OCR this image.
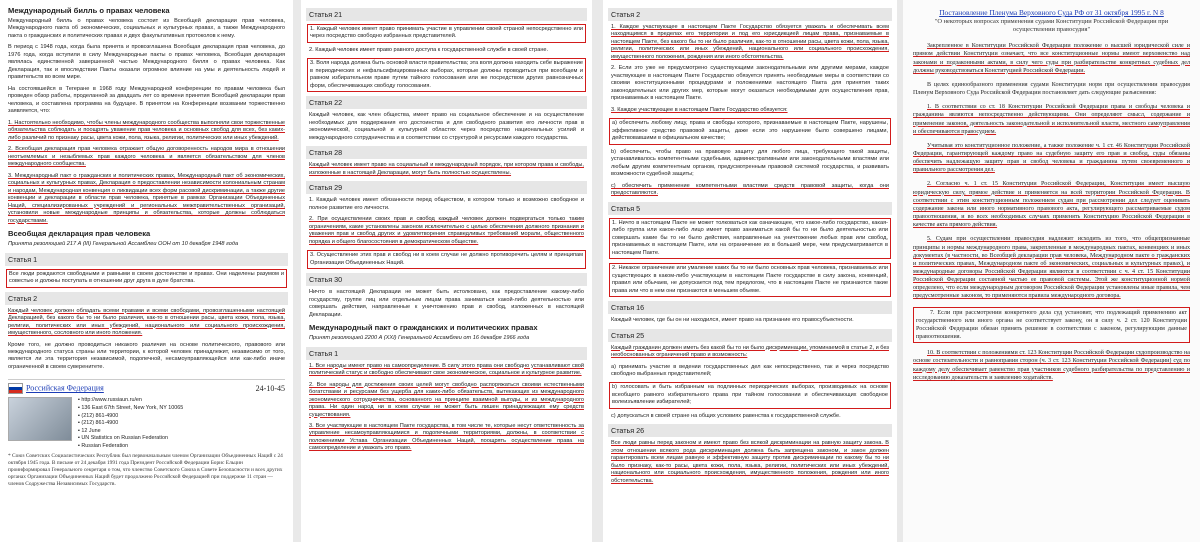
Международный билль о правах человека

Международный билль о правах человека состоит из Всеобщей декларации прав человека, Международного пакта об экономических, социальных и культурных правах, а также Международного пакта о гражданских и политических правах и двух факультативных протоколов к нему.

В период с 1948 года, когда была принята и провозглашена Всеобщая декларация прав человека, до 1976 года, когда вступили в силу Международные пакты о правах человека, Всеобщая декларация являлась единственной завершенной частью Международного билля о правах человека. Как Декларация, так и впоследствии Пакты оказали огромное влияние на умы и деятельность людей и правительств во всем мире.

На состоявшейся в Тегеране в 1968 году Международной конференции по правам человека был проведен обзор работы, проделанной за двадцать лет со времени принятия Всеобщей декларации прав человека, и составлена программа на будущее. В принятом на Конференции воззвании торжественно заявляется, что:

1. Настоятельно необходимо, чтобы члены международного сообщества выполняли свои торжественные обязательства соблюдать и поощрять уважение прав человека и основных свобод для всех, без каких-либо различий по признаку расы, цвета кожи, пола, языка, религии, политических или иных убеждений.

2. Всеобщая декларация прав человека отражает общую договоренность народов мира в отношении неотъемлемых и незыблемых прав каждого человека и является обязательством для членов международного сообщества.

3. Международный пакт о гражданских и политических правах, Международный пакт об экономических, социальных и культурных правах, Декларация о предоставлении независимости колониальным странам и народам, Международная конвенция о ликвидации всех форм расовой дискриминации, а также другие конвенции и декларации в области прав человека, принятые в рамках Организации Объединенных Наций, специализированных учреждений и региональных межправительственных организаций, установили новые международные принципы и обязательства, которые должны соблюдаться государствами.

Всеобщая декларация прав человека

Принята резолюцией 217 A (III) Генеральной Ассамблеи ООН от 10 декабря 1948 года

Статья 1

Все люди рождаются свободными и равными в своем достоинстве и правах. Они наделены разумом и совестью и должны поступать в отношении друг друга в духе братства.

Статья 2

Каждый человек должен обладать всеми правами и всеми свободами, провозглашенными настоящей Декларацией, без какого бы то ни было различия, как-то в отношении расы, цвета кожи, пола, языка, религии, политических или иных убеждений, национального или социального происхождения, имущественного, сословного или иного положения.

Кроме того, не должно проводиться никакого различия на основе политического, правового или международного статуса страны или территории, к которой человек принадлежит, независимо от того, является ли эта территория независимой, подопечной, несамоуправляющейся или как-либо иначе ограниченной в своем суверенитете.

Российская Федерация	24-10-45
▪ http://www.russiaun.ru/en
▪ 136 East 67th Street, New York, NY 10065
▪ (212) 861-4900
▪ (212) 861-4900
▪ 12 June
▪ UN Statistics on Russian Federation
▪ Russian Federation
* Союз Советских Социалистических Республик был первоначальным членом Организации Объединенных Наций с 24 октября 1945 года. В письме от 24 декабря 1991 года Президент Российской Федерации Борис Ельцин проинформировал Генерального секретаря о том, что членство Советского Союза в Совете Безопасности и всех других органах Организации Объединенных Наций будет продолжено Российской Федерацией при поддержке 11 стран — членов Содружества Независимых Государств.
Статья 21

1. Каждый человек имеет право принимать участие в управлении своей страной непосредственно или через посредство свободно избранных представителей.

2. Каждый человек имеет право равного доступа к государственной службе в своей стране.

3. Воля народа должна быть основой власти правительства; эта воля должна находить себе выражение в периодических и нефальсифицированных выборах, которые должны проводиться при всеобщем и равном избирательном праве путем тайного голосования или же посредством других равнозначных форм, обеспечивающих свободу голосования.

Статья 22

Каждый человек, как член общества, имеет право на социальное обеспечение и на осуществление необходимых для поддержания его достоинства и для свободного развития его личности прав в экономической, социальной и культурной областях через посредство национальных усилий и международного сотрудничества и в соответствии со структурой и ресурсами каждого государства.

Статья 28

Каждый человек имеет право на социальный и международный порядок, при котором права и свободы, изложенные в настоящей Декларации, могут быть полностью осуществлены.

Статья 29

1. Каждый человек имеет обязанности перед обществом, в котором только и возможно свободное и полное развитие его личности.

2. При осуществлении своих прав и свобод каждый человек должен подвергаться только таким ограничениям, какие установлены законом исключительно с целью обеспечения должного признания и уважения прав и свобод других и удовлетворения справедливых требований морали, общественного порядка и общего благосостояния в демократическом обществе.

3. Осуществление этих прав и свобод ни в коем случае не должно противоречить целям и принципам Организации Объединенных Наций.

Статья 30

Ничто в настоящей Декларации не может быть истолковано, как предоставление какому-либо государству, группе лиц или отдельным лицам права заниматься какой-либо деятельностью или совершать действия, направленные к уничтожению прав и свобод, изложенных в настоящей Декларации.

Международный пакт о гражданских и политических правах

Принят резолюцией 2200 A (XXI) Генеральной Ассамблеи от 16 декабря 1966 года

Статья 1

1. Все народы имеют право на самоопределение. В силу этого права они свободно устанавливают свой политический статус и свободно обеспечивают свое экономическое, социальное и культурное развитие.

2. Все народы для достижения своих целей могут свободно распоряжаться своими естественными богатствами и ресурсами без ущерба для каких-либо обязательств, вытекающих из международного экономического сотрудничества, основанного на принципе взаимной выгоды, и из международного права. Ни один народ ни в коем случае не может быть лишен принадлежащих ему средств существования.

3. Все участвующие в настоящем Пакте государства, в том числе те, которые несут ответственность за управление несамоуправляющимися и подопечными территориями, должны, в соответствии с положениями Устава Организации Объединенных Наций, поощрять осуществление права на самоопределение и уважать это право.

Статья 2

1. Каждое участвующее в настоящем Пакте Государство обязуется уважать и обеспечивать всем находящимся в пределах его территории и под его юрисдикцией лицам права, признаваемые в настоящем Пакте, без какого бы то ни было различия, как-то в отношении расы, цвета кожи, пола, языка, религии, политических или иных убеждений, национального или социального происхождения, имущественного положения, рождения или иного обстоятельства.

2. Если это уже не предусмотрено существующими законодательными или другими мерами, каждое участвующее в настоящем Пакте Государство обязуется принять необходимые меры в соответствии со своими конституционными процедурами и положениями настоящего Пакта для принятия таких законодательных или других мер, которые могут оказаться необходимыми для осуществления прав, признаваемых в настоящем Пакте.

3. Каждое участвующее в настоящем Пакте Государство обязуется:

a) обеспечить любому лицу, права и свободы которого, признаваемые в настоящем Пакте, нарушены, эффективное средство правовой защиты, даже если это нарушение было совершено лицами, действовавшими в официальном качестве;

b) обеспечить, чтобы право на правовую защиту для любого лица, требующего такой защиты, устанавливалось компетентными судебными, административными или законодательными властями или любым другим компетентным органом, предусмотренным правовой системой государства, и развивать возможности судебной защиты;

c) обеспечить применение компетентными властями средств правовой защиты, когда они предоставляются.

Статья 5

1. Ничто в настоящем Пакте не может толковаться как означающее, что какое-либо государство, какая-либо группа или какое-либо лицо имеет право заниматься какой бы то ни было деятельностью или совершать какие бы то ни было действия, направленные на уничтожение любых прав или свобод, признаваемых в настоящем Пакте, или на ограничение их в большей мере, чем предусматривается в настоящем Пакте.

2. Никакое ограничение или умаление каких бы то ни было основных прав человека, признаваемых или существующих в каком-либо участвующем в настоящем Пакте государстве в силу закона, конвенций, правил или обычаев, не допускается под тем предлогом, что в настоящем Пакте не признаются такие права или что в нем они признаются в меньшем объеме.

Статья 16

Каждый человек, где бы он ни находился, имеет право на признание его правосубъектности.

Статья 25

Каждый гражданин должен иметь без какой бы то ни было дискриминации, упоминаемой в статье 2, и без необоснованных ограничений право и возможность:

a) принимать участие в ведении государственных дел как непосредственно, так и через посредство свободно выбранных представителей;

b) голосовать и быть избранным на подлинных периодических выборах, производимых на основе всеобщего равного избирательного права при тайном голосовании и обеспечивающих свободное волеизъявление избирателей;

c) допускаться в своей стране на общих условиях равенства к государственной службе.

Статья 26

Все люди равны перед законом и имеют право без всякой дискриминации на равную защиту закона. В этом отношении всякого рода дискриминация должна быть запрещена законом, и закон должен гарантировать всем лицам равную и эффективную защиту против дискриминации по какому бы то ни было признаку, как-то расы, цвета кожи, пола, языка, религии, политических или иных убеждений, национального или социального происхождения, имущественного положения, рождения или иного обстоятельства.

Постановление Пленума Верховного Суда РФ от 31 октября 1995 г. N 8
"О некоторых вопросах применения судами Конституции Российской Федерации при осуществлении правосудия"

Закрепленное в Конституции Российской Федерации положение о высшей юридической силе и прямом действии Конституции означает, что все конституционные нормы имеют верховенство над законами и подзаконными актами, в силу чего суды при разбирательстве конкретных судебных дел должны руководствоваться Конституцией Российской Федерации.

В целях единообразного применения судами Конституции норм при осуществлении правосудия Пленум Верховного Суда Российской Федерации постановляет дать следующие разъяснения:

1. В соответствии со ст. 18 Конституции Российской Федерации права и свободы человека и гражданина являются непосредственно действующими. Они определяют смысл, содержание и применение законов, деятельность законодательной и исполнительной власти, местного самоуправления и обеспечиваются правосудием.

Учитывая это конституционное положение, а также положение ч. 1 ст. 46 Конституции Российской Федерации, гарантирующей каждому право на судебную защиту его прав и свобод, суды обязаны обеспечить надлежащую защиту прав и свобод человека и гражданина путем своевременного и правильного рассмотрения дел.

2. Согласно ч. 1 ст. 15 Конституции Российской Федерации, Конституция имеет высшую юридическую силу, прямое действие и применяется на всей территории Российской Федерации. В соответствии с этим конституционным положением судам при рассмотрении дел следует оценивать содержание закона или иного нормативного правового акта, регулирующего рассматриваемые судом правоотношения, и во всех необходимых случаях применять Конституцию Российской Федерации в качестве акта прямого действия.

5. Судам при осуществлении правосудия надлежит исходить из того, что общепризнанные принципы и нормы международного права, закрепленные в международных пактах, конвенциях и иных документах (в частности, во Всеобщей декларации прав человека, Международном пакте о гражданских и политических правах, Международном пакте об экономических, социальных и культурных правах), и международные договоры Российской Федерации являются в соответствии с ч. 4 ст. 15 Конституции Российской Федерации составной частью ее правовой системы. Этой же конституционной нормой определено, что если международным договором Российской Федерации установлены иные правила, чем предусмотренные законом, то применяются правила международного договора.

7. Если при рассмотрении конкретного дела суд установит, что подлежащий применению акт государственного или иного органа не соответствует закону, он в силу ч. 2 ст. 120 Конституции Российской Федерации обязан принять решение в соответствии с законом, регулирующим данные правоотношения.

10. В соответствии с положениями ст. 123 Конституции Российской Федерации судопроизводство на основе состязательности и равноправия сторон (ч. 3 ст. 123 Конституции Российской Федерации) суд по каждому делу обеспечивает равенство прав участников судебного разбирательства по представлению и исследованию доказательств и заявлению ходатайств.
